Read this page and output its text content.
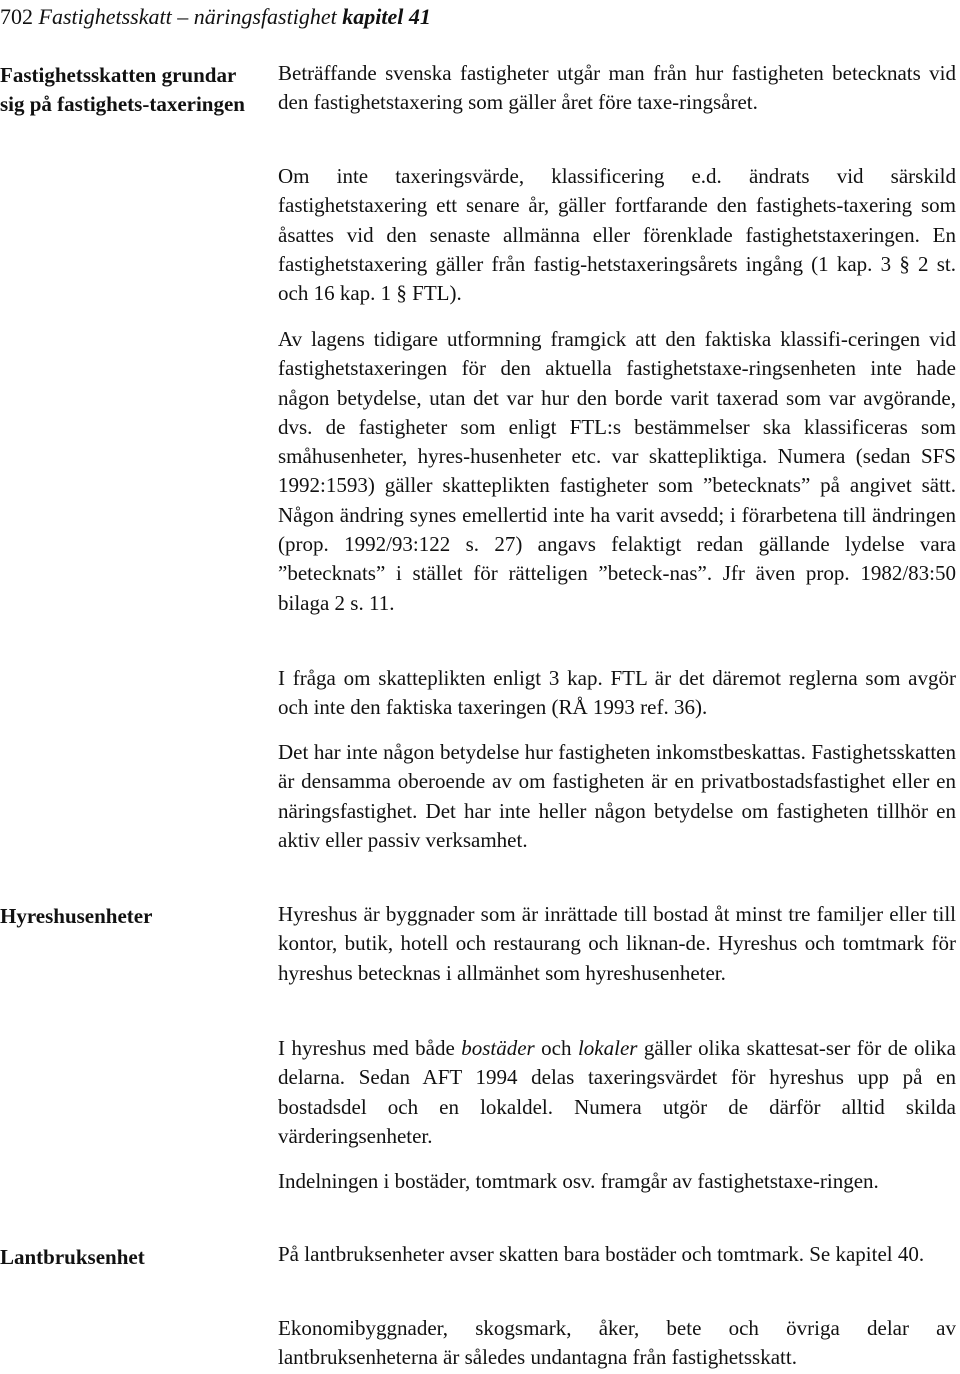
702 Fastighetsskatt – näringsfastighet kapitel 41
Fastighetsskatten grundar sig på fastighets-taxeringen
Hyreshusenheter
Lantbruksenhet

Beträffande svenska fastigheter utgår man från hur fastigheten betecknats vid den fastighetstaxering som gäller året före taxe-ringsåret.

Om inte taxeringsvärde, klassificering e.d. ändrats vid särskild fastighetstaxering ett senare år, gäller fortfarande den fastighets-taxering som åsattes vid den senaste allmänna eller förenklade fastighetstaxeringen. En fastighetstaxering gäller från fastig-hetstaxeringsårets ingång (1 kap. 3 § 2 st. och 16 kap. 1 § FTL).

Av lagens tidigare utformning framgick att den faktiska klassifi-ceringen vid fastighetstaxeringen för den aktuella fastighetstaxe-ringsenheten inte hade någon betydelse, utan det var hur den borde varit taxerad som var avgörande, dvs. de fastigheter som enligt FTL:s bestämmelser ska klassificeras som småhusenheter, hyres-husenheter etc. var skattepliktiga. Numera (sedan SFS 1992:1593) gäller skatteplikten fastigheter som ”betecknats” på angivet sätt. Någon ändring synes emellertid inte ha varit avsedd; i förarbetena till ändringen (prop. 1992/93:122 s. 27) angavs felaktigt redan gällande lydelse vara ”betecknats” i stället för rätteligen ”beteck-nas”. Jfr även prop. 1982/83:50 bilaga 2 s. 11.

I fråga om skatteplikten enligt 3 kap. FTL är det däremot reglerna som avgör och inte den faktiska taxeringen (RÅ 1993 ref. 36).

Det har inte någon betydelse hur fastigheten inkomstbeskattas. Fastighetsskatten är densamma oberoende av om fastigheten är en privatbostadsfastighet eller en näringsfastighet. Det har inte heller någon betydelse om fastigheten tillhör en aktiv eller passiv verksamhet.

Hyreshus är byggnader som är inrättade till bostad åt minst tre familjer eller till kontor, butik, hotell och restaurang och liknan-de. Hyreshus och tomtmark för hyreshus betecknas i allmänhet som hyreshusenheter.

I hyreshus med både bostäder och lokaler gäller olika skattesat-ser för de olika delarna. Sedan AFT 1994 delas taxeringsvärdet för hyreshus upp på en bostadsdel och en lokaldel. Numera utgör de därför alltid skilda värderingsenheter.

Indelningen i bostäder, tomtmark osv. framgår av fastighetstaxe-ringen.

På lantbruksenheter avser skatten bara bostäder och tomtmark. Se kapitel 40.

Ekonomibyggnader, skogsmark, åker, bete och övriga delar av lantbruksenheterna är således undantagna från fastighetsskatt.
